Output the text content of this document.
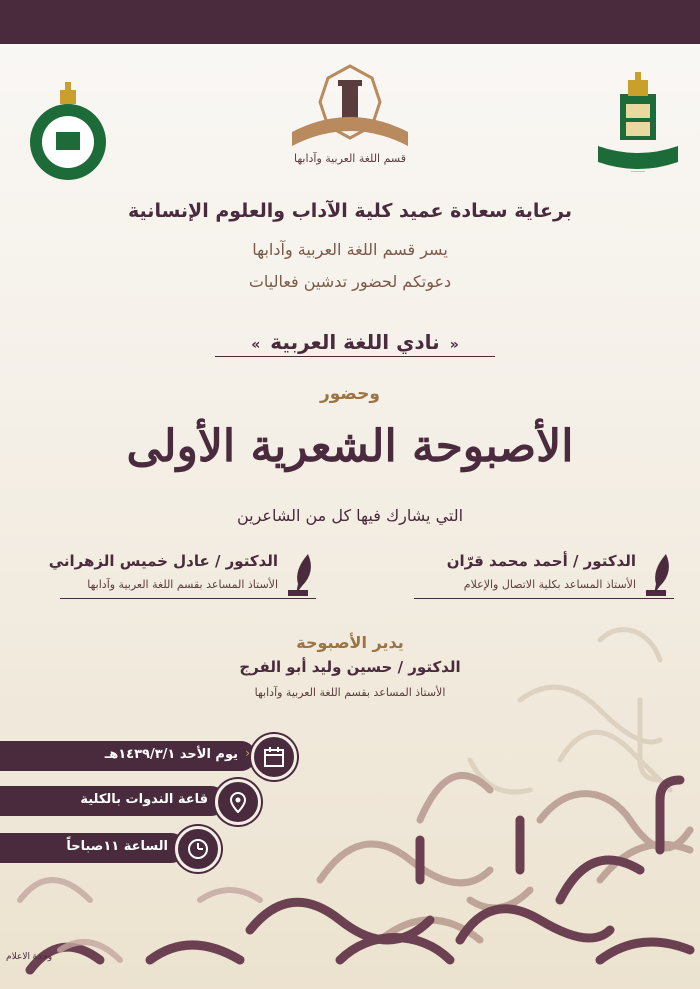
⸻
قسم اللغة العربية وآدابها
برعاية سعادة عميد كلية الآداب والعلوم الإنسانية
يسر قسم اللغة العربية وآدابها
دعوتكم لحضور تدشين فعاليات
«نادي اللغة العربية»
وحضور
الأصبوحة الشعرية الأولى
التي يشارك فيها كل من الشاعرين
الدكتور / أحمد محمد قرّان
الأستاذ المساعد بكلية الاتصال والإعلام
الدكتور / عادل خميس الزهراني
الأستاذ المساعد بقسم اللغة العربية وآدابها
يدير الأصبوحة
الدكتور / حسين وليد أبو الفرج
الأستاذ المساعد بقسم اللغة العربية وآدابها
‹
يوم الأحد ١٤٣٩/٣/١هـ
قاعة الندوات بالكلية
الساعة ١١صباحاً
وحدة الاعلام
